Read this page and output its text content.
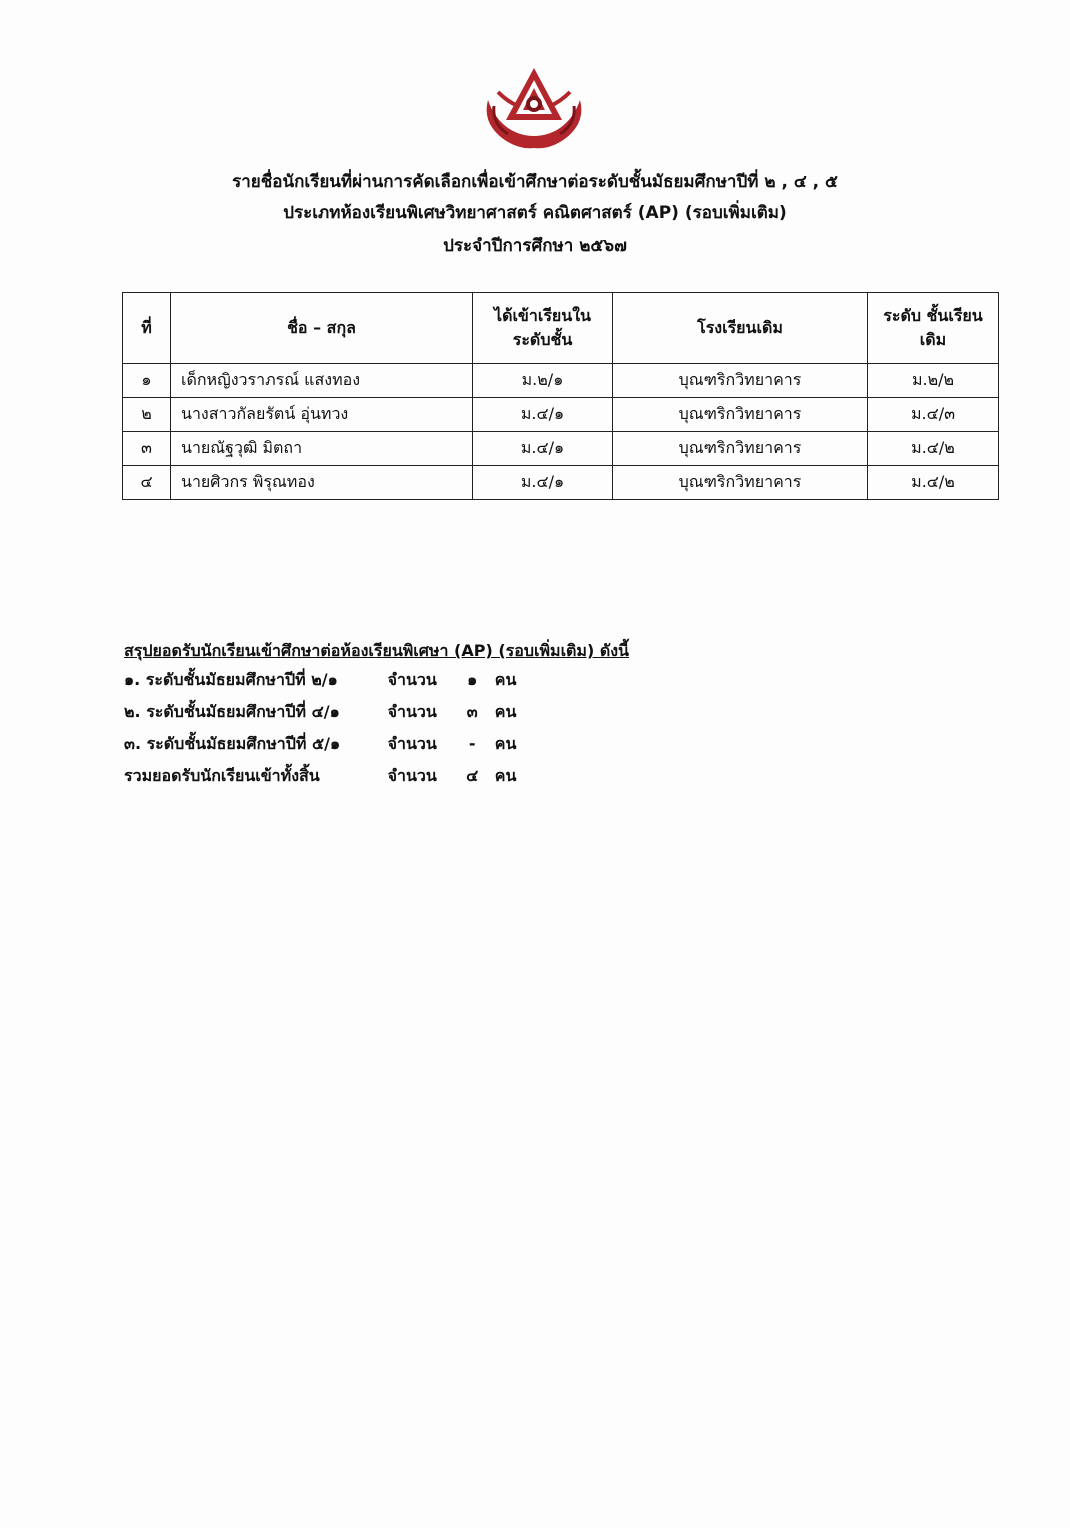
รายชื่อนักเรียนที่ผ่านการคัดเลือกเพื่อเข้าศึกษาต่อระดับชั้นมัธยมศึกษาปีที่ ๒ , ๔ , ๕
ประเภทห้องเรียนพิเศษวิทยาศาสตร์ คณิตศาสตร์ (AP) (รอบเพิ่มเติม)
ประจำปีการศึกษา ๒๕๖๗
ที่	ชื่อ – สกุล	ได้เข้าเรียนใน ระดับชั้น	โรงเรียนเดิม	ระดับ ชั้นเรียนเดิม
๑	เด็กหญิงวราภรณ์ แสงทอง	ม.๒/๑	บุณฑริกวิทยาคาร	ม.๒/๒
๒	นางสาวกัลยรัตน์ อุ่นทวง	ม.๔/๑	บุณฑริกวิทยาคาร	ม.๔/๓
๓	นายณัฐวุฒิ มิตถา	ม.๔/๑	บุณฑริกวิทยาคาร	ม.๔/๒
๔	นายศิวกร พิรุณทอง	ม.๔/๑	บุณฑริกวิทยาคาร	ม.๔/๒
สรุปยอดรับนักเรียนเข้าศึกษาต่อห้องเรียนพิเศษา (AP) (รอบเพิ่มเติม) ดังนี้
๑. ระดับชั้นมัธยมศึกษาปีที่ ๒/๑	จำนวน ๑ คน
๒. ระดับชั้นมัธยมศึกษาปีที่ ๔/๑	จำนวน ๓ คน
๓. ระดับชั้นมัธยมศึกษาปีที่ ๕/๑	จำนวน - คน
รวมยอดรับนักเรียนเข้าทั้งสิ้น	จำนวน ๔ คน
